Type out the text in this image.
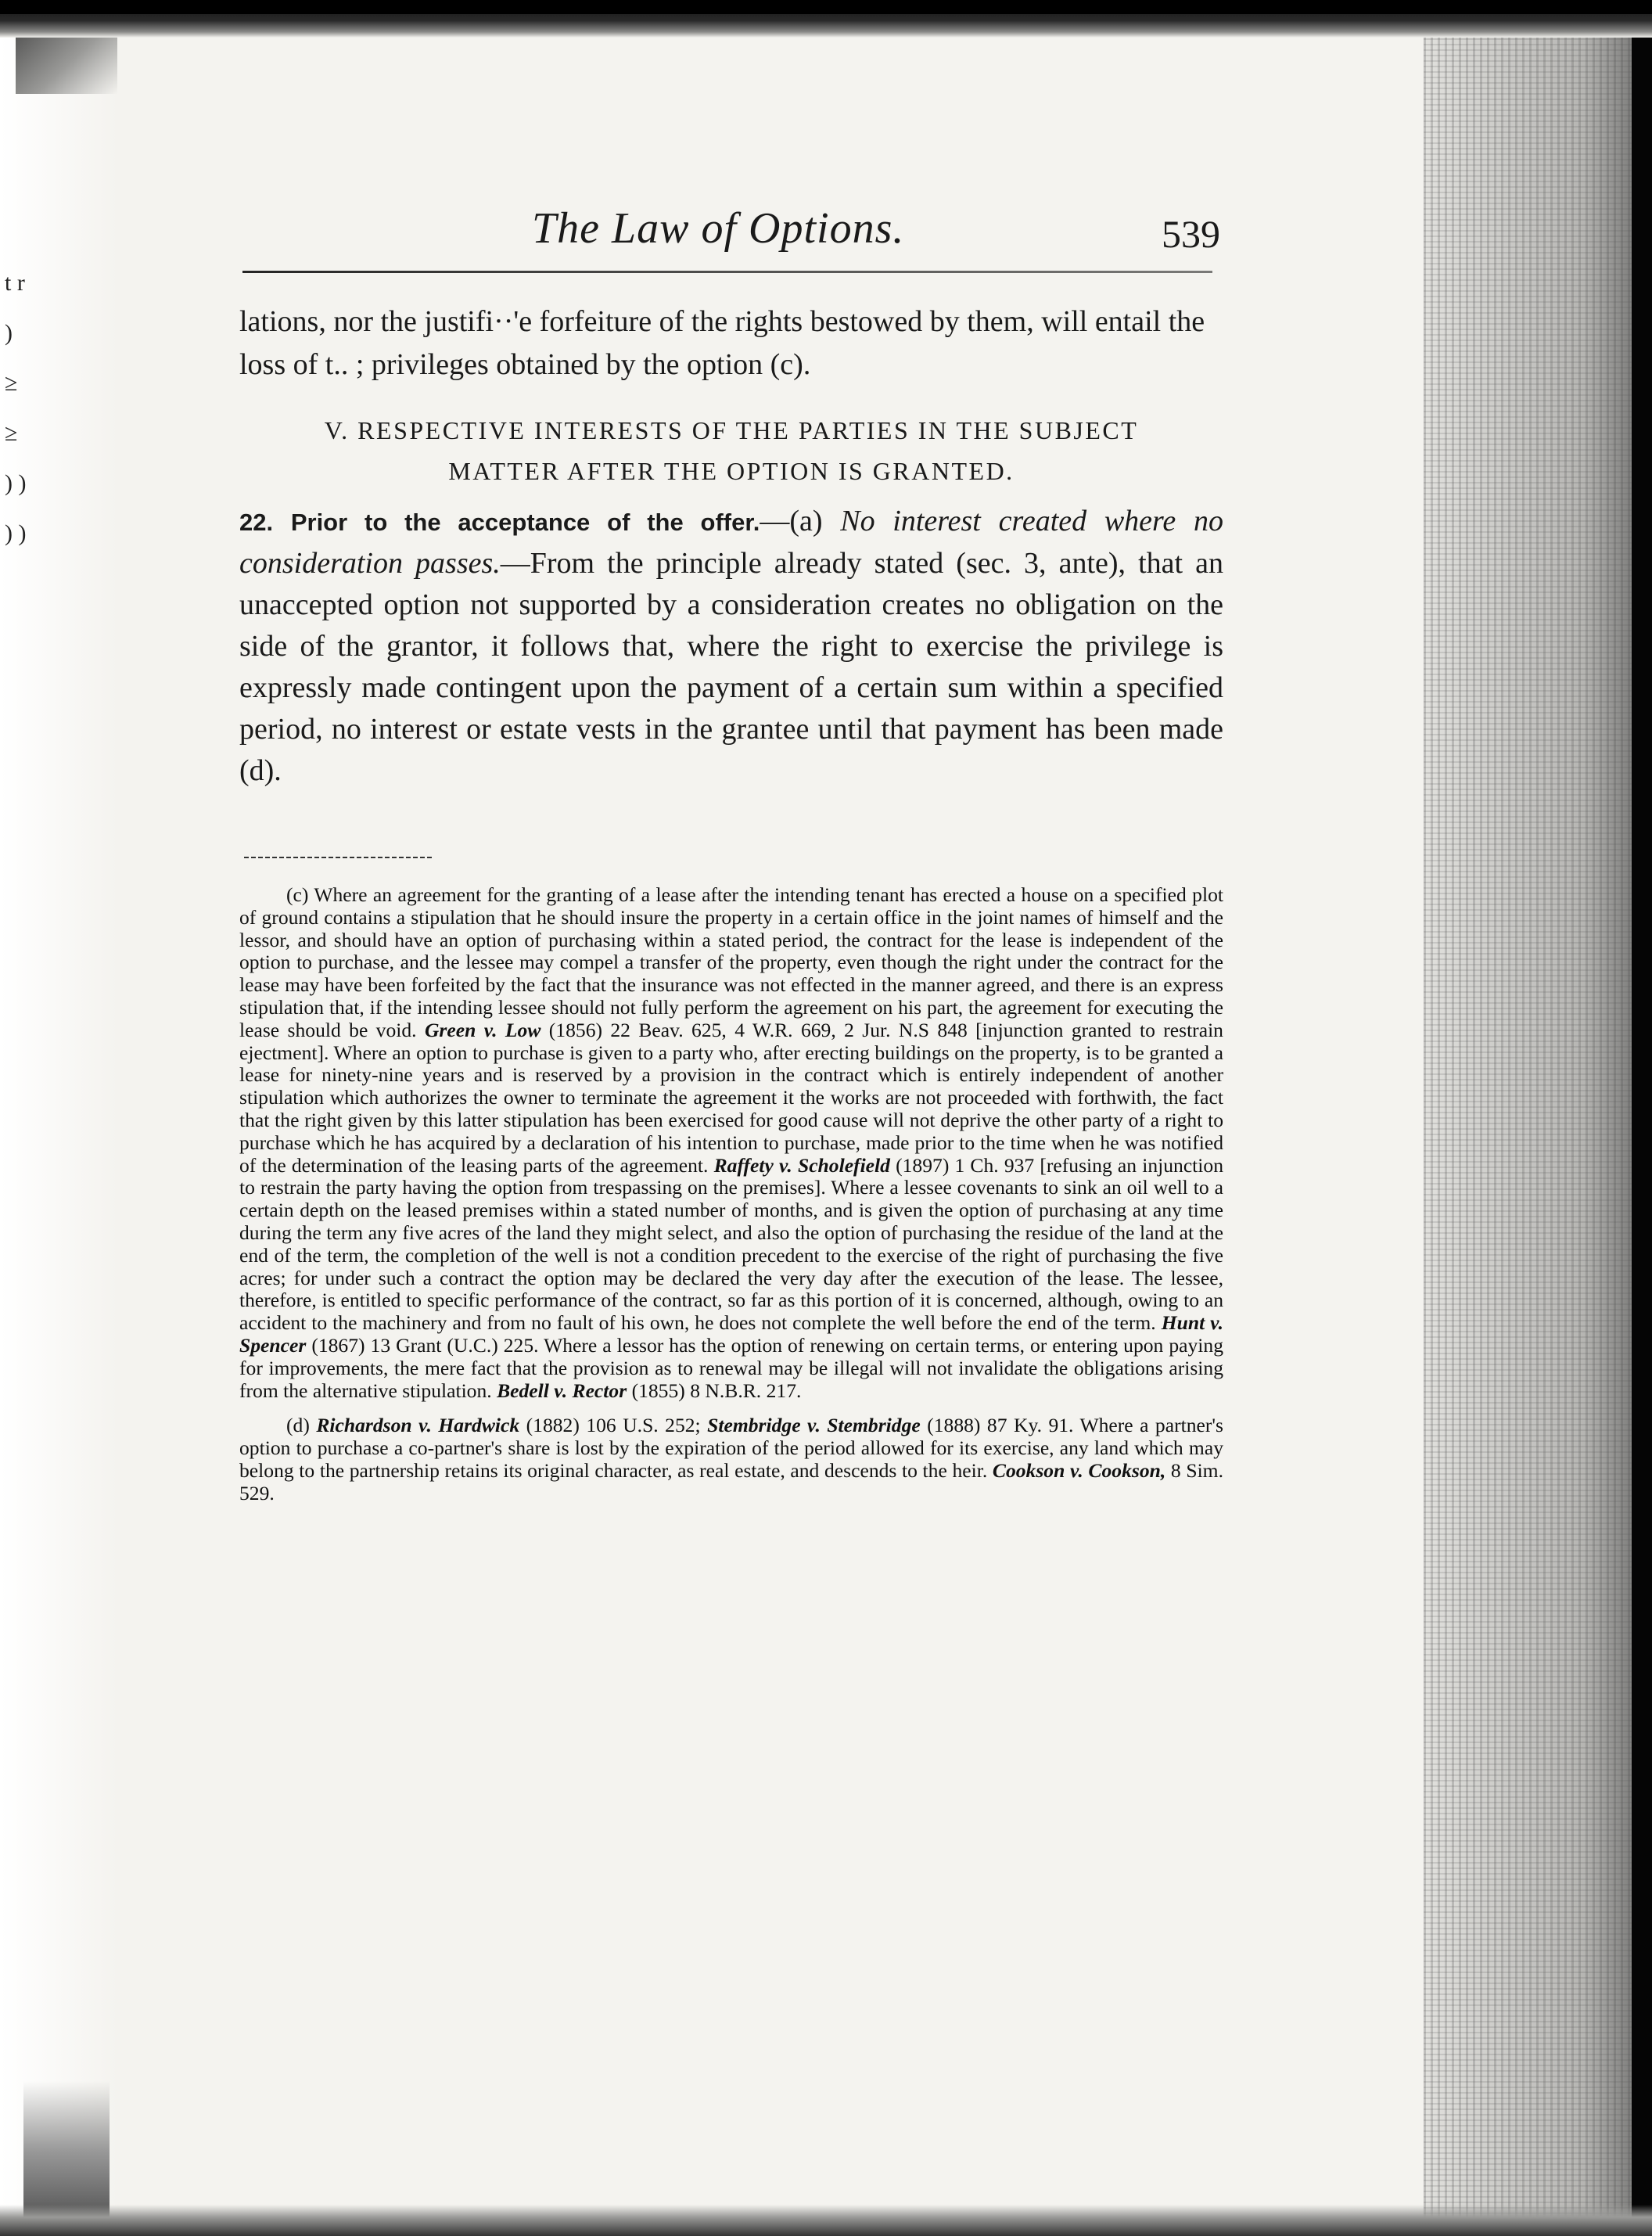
t r ) ≥ ≥ ) ) ) )
The Law of Options.	539

lations, nor the justifi··'e forfeiture of the rights bestowed by them, will entail the loss of t.. ; privileges obtained by the option (c).

V. RESPECTIVE INTERESTS OF THE PARTIES IN THE SUBJECT
MATTER AFTER THE OPTION IS GRANTED.
22. Prior to the acceptance of the offer.—(a) No interest created where no consideration passes.—From the principle already stated (sec. 3, ante), that an unaccepted option not supported by a consideration creates no obligation on the side of the grantor, it follows that, where the right to exercise the privilege is expressly made contingent upon the payment of a certain sum within a specified period, no interest or estate vests in the grantee until that payment has been made (d).

(c) Where an agreement for the granting of a lease after the intending tenant has erected a house on a specified plot of ground contains a stipulation that he should insure the property in a certain office in the joint names of himself and the lessor, and should have an option of purchasing within a stated period, the contract for the lease is independent of the option to purchase, and the lessee may compel a transfer of the property, even though the right under the contract for the lease may have been forfeited by the fact that the insurance was not effected in the manner agreed, and there is an express stipulation that, if the intending lessee should not fully perform the agreement on his part, the agreement for executing the lease should be void. Green v. Low (1856) 22 Beav. 625, 4 W.R. 669, 2 Jur. N.S 848 [injunction granted to restrain ejectment]. Where an option to purchase is given to a party who, after erecting buildings on the property, is to be granted a lease for ninety-nine years and is reserved by a provision in the contract which is entirely independent of another stipulation which authorizes the owner to terminate the agreement it the works are not proceeded with forthwith, the fact that the right given by this latter stipulation has been exercised for good cause will not deprive the other party of a right to purchase which he has acquired by a declaration of his intention to purchase, made prior to the time when he was notified of the determination of the leasing parts of the agreement. Raffety v. Scholefield (1897) 1 Ch. 937 [refusing an injunction to restrain the party having the option from trespassing on the premises]. Where a lessee covenants to sink an oil well to a certain depth on the leased premises within a stated number of months, and is given the option of purchasing at any time during the term any five acres of the land they might select, and also the option of purchasing the residue of the land at the end of the term, the completion of the well is not a condition precedent to the exercise of the right of purchasing the five acres; for under such a contract the option may be declared the very day after the execution of the lease. The lessee, therefore, is entitled to specific performance of the contract, so far as this portion of it is concerned, although, owing to an accident to the machinery and from no fault of his own, he does not complete the well before the end of the term. Hunt v. Spencer (1867) 13 Grant (U.C.) 225. Where a lessor has the option of renewing on certain terms, or entering upon paying for improvements, the mere fact that the provision as to renewal may be illegal will not invalidate the obligations arising from the alternative stipulation. Bedell v. Rector (1855) 8 N.B.R. 217.

(d) Richardson v. Hardwick (1882) 106 U.S. 252; Stembridge v. Stembridge (1888) 87 Ky. 91. Where a partner's option to purchase a co-partner's share is lost by the expiration of the period allowed for its exercise, any land which may belong to the partnership retains its original character, as real estate, and descends to the heir. Cookson v. Cookson, 8 Sim. 529.
